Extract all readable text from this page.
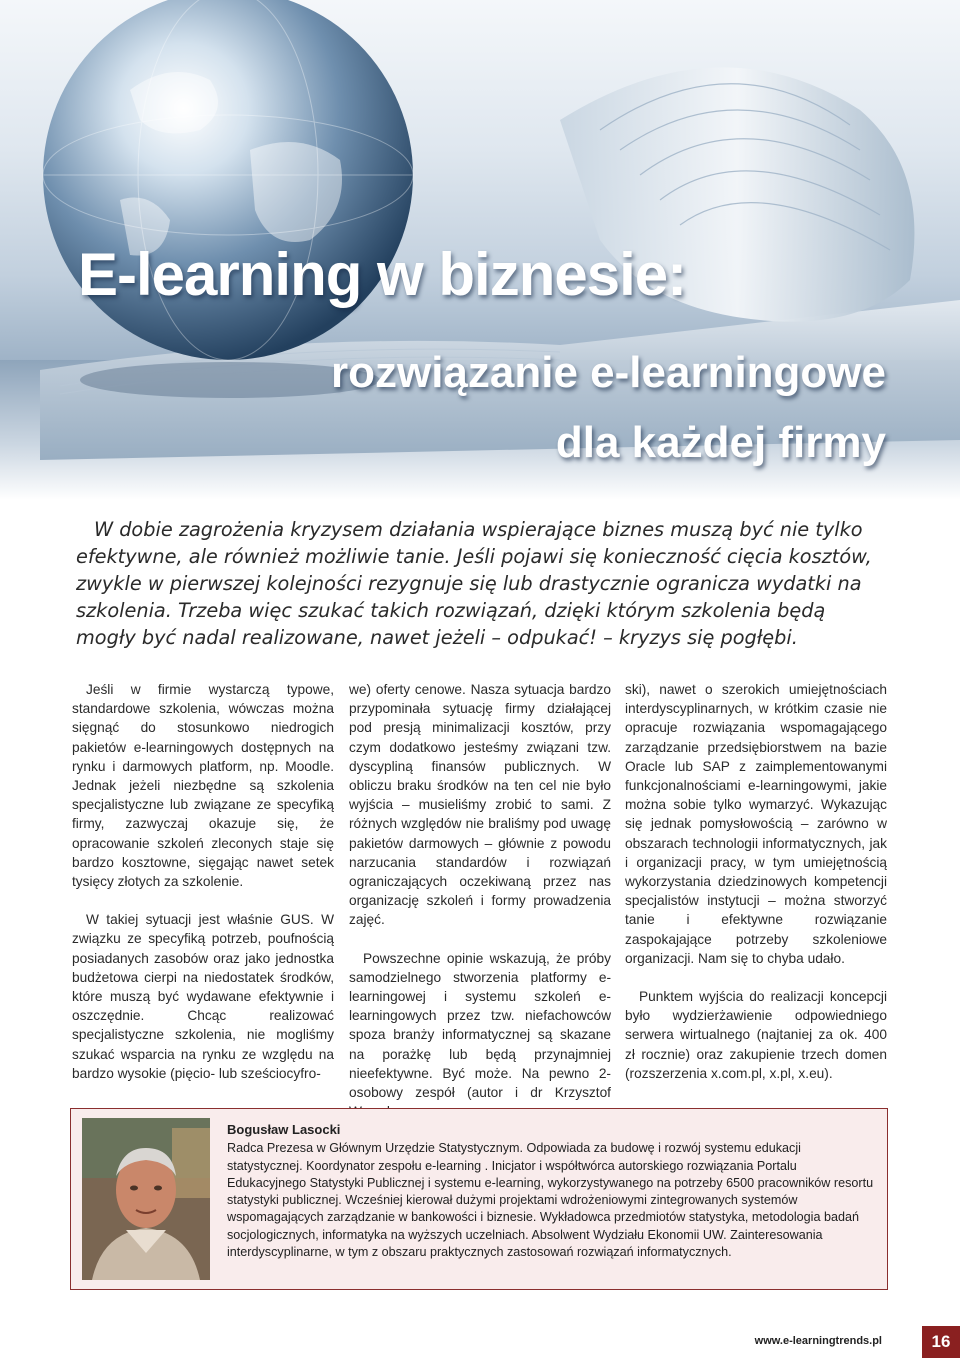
E-learning w biznesie:
rozwiązanie e-learningowe
dla każdej firmy

W dobie zagrożenia kryzysem działania wspierające biznes muszą być nie tylko efektywne, ale również możliwie tanie. Jeśli pojawi się konieczność cięcia kosztów, zwykle w pierwszej kolejności rezygnuje się lub drastycznie ogranicza wydatki na szkolenia. Trzeba więc szukać takich rozwiązań, dzięki którym szkolenia będą mogły być nadal realizowane, nawet jeżeli – odpukać! – kryzys się pogłębi.

Jeśli w firmie wystarczą typowe, standardowe szkolenia, wówczas można sięgnąć do stosunkowo niedrogich pakietów e-learningowych dostępnych na rynku i darmowych platform, np. Moodle. Jednak jeżeli niezbędne są szkolenia specjalistyczne lub związane ze specyfiką firmy, zazwyczaj okazuje się, że opracowanie szkoleń zleconych staje się bardzo kosztowne, sięgając nawet setek tysięcy złotych za szkolenie.

W takiej sytuacji jest właśnie GUS. W związku ze specyfiką potrzeb, poufnością posiadanych zasobów oraz jako jednostka budżetowa cierpi na niedostatek środków, które muszą być wydawane efektywnie i oszczędnie. Chcąc realizować specjalistyczne szkolenia, nie mogliśmy szukać wsparcia na rynku ze względu na bardzo wysokie (pięcio- lub sześciocyfro-

we) oferty cenowe. Nasza sytuacja bardzo przypominała sytuację firmy działającej pod presją minimalizacji kosztów, przy czym dodatkowo jesteśmy związani tzw. dyscypliną finansów publicznych. W obliczu braku środków na ten cel nie było wyjścia – musieliśmy zrobić to sami. Z różnych względów nie braliśmy pod uwagę pakietów darmowych – głównie z powodu narzucania standardów i rozwiązań ograniczających oczekiwaną przez nas organizację szkoleń i formy prowadzenia zajęć.

Powszechne opinie wskazują, że próby samodzielnego stworzenia platformy e-learningowej i systemu szkoleń e-learningowych przez tzw. niefachowców spoza branży informatycznej są skazane na porażkę lub będą przynajmniej nieefektywne. Być może. Na pewno 2-osobowy zespół (autor i dr Krzysztof

ski), nawet o szerokich umiejętnościach interdyscyplinarnych, w krótkim czasie nie opracuje rozwiązania wspomagającego zarządzanie przedsiębiorstwem na bazie Oracle lub SAP z zaimplementowanymi funkcjonalnościami e-learningowymi, jakie można sobie tylko wymarzyć. Wykazując się jednak pomysłowością – zarówno w obszarach technologii informatycznych, jak i organizacji pracy, w tym umiejętnością wykorzystania dziedzinowych kompetencji specjalistów instytucji – można stworzyć tanie i efektywne rozwiązanie zaspokajające potrzeby szkoleniowe organizacji. Nam się to chyba udało.

Punktem wyjścia do realizacji koncepcji było wydzierżawienie odpowiedniego serwera wirtualnego (najtaniej za ok. 400 zł rocznie) oraz zakupienie trzech domen (rozszerzenia x.com.pl, x.pl, x.eu).

Bogusław Lasocki

Radca Prezesa w Głównym Urzędzie Statystycznym. Odpowiada za budowę i rozwój systemu edukacji statystycznej. Koordynator zespołu e-learning . Inicjator i współtwórca autorskiego rozwiązania Portalu Edukacyjnego Statystyki Publicznej i systemu e-learning, wykorzystywanego na potrzeby 6500 pracowników resortu statystyki publicznej. Wcześniej kierował dużymi projektami wdrożeniowymi zintegrowanych systemów wspomagających zarządzanie w bankowości i biznesie. Wykładowca przedmiotów statystyka, metodologia badań socjologicznych, informatyka na wyższych uczelniach. Absolwent Wydziału Ekonomii UW. Zainteresowania interdyscyplinarne, w tym z obszaru praktycznych zastosowań rozwiązań informatycznych.

www.e-learningtrends.pl	16
